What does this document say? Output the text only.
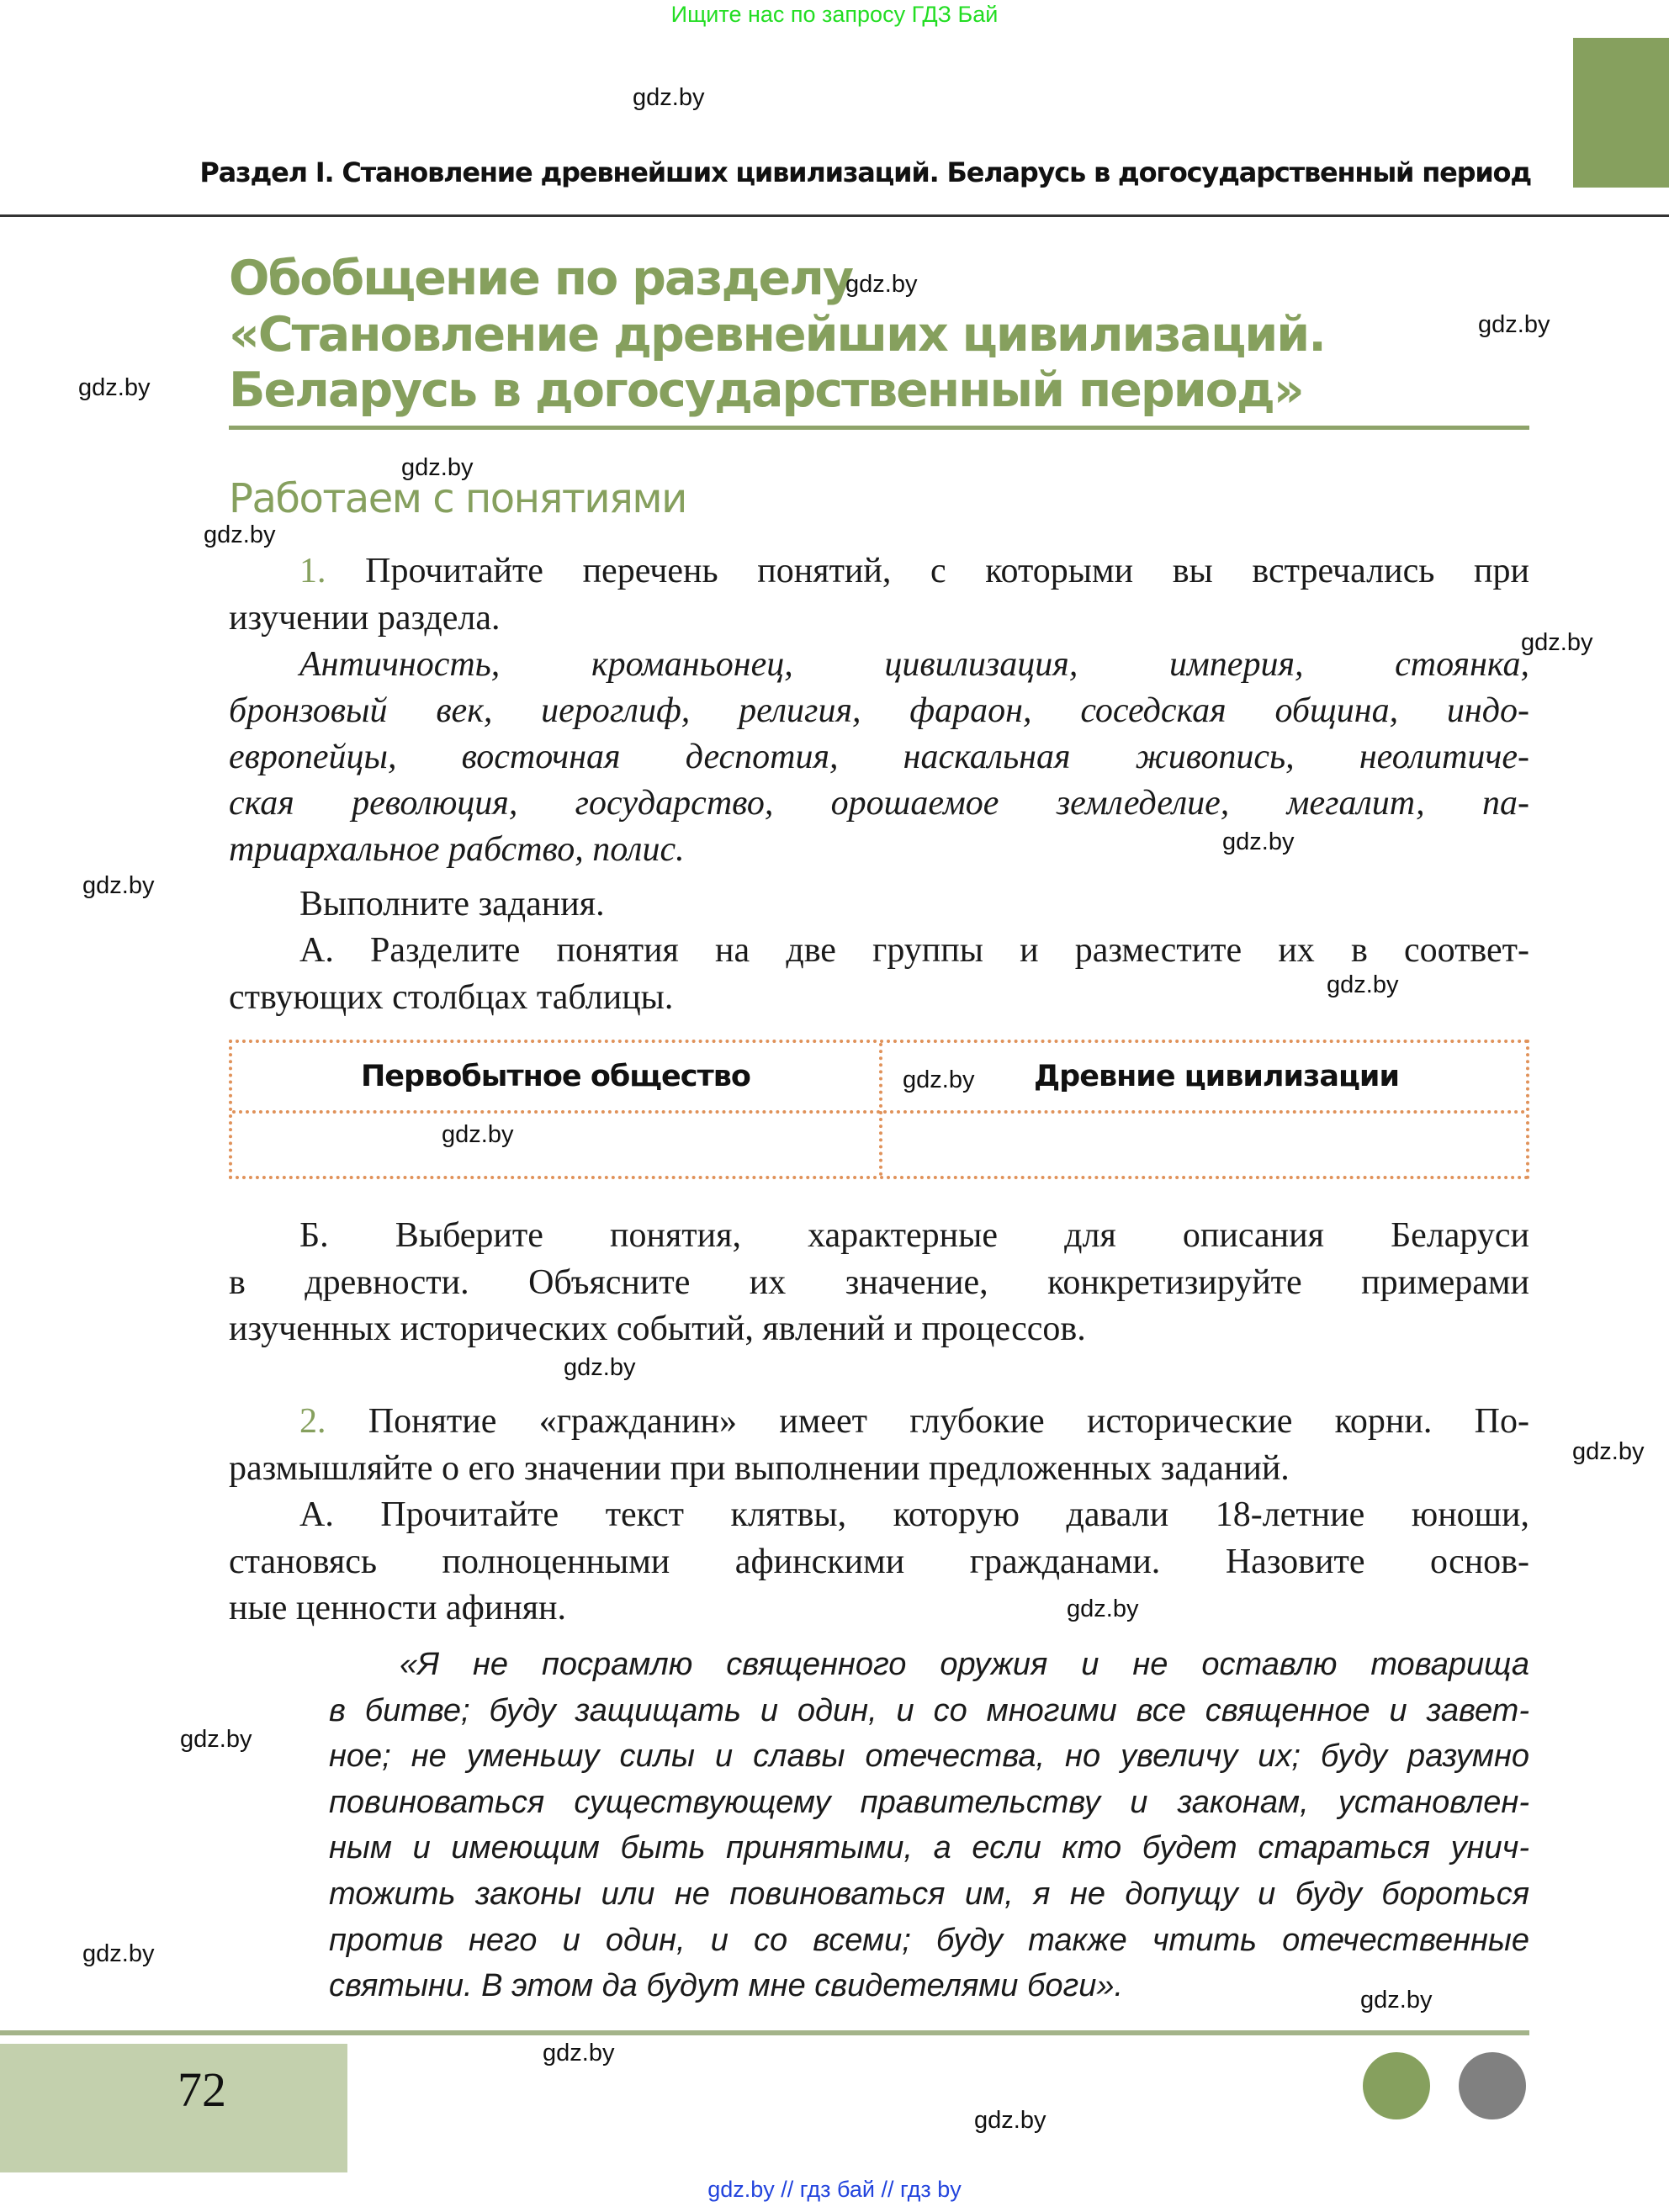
Ищите нас по запросу ГДЗ Бай
Раздел I. Становление древнейших цивилизаций. Беларусь в догосударственный период
Обобщение по разделу
«Становление древнейших цивилизаций.
Беларусь в догосударственный период»
Работаем с понятиями
1. Прочитайте перечень понятий, с которыми вы встречались при
изучении раздела.
Античность, кроманьонец, цивилизация, империя, стоянка,
бронзовый век, иероглиф, религия, фараон, соседская община, индо-
европейцы, восточная деспотия, наскальная живопись, неолитиче-
ская революция, государство, орошаемое земледелие, мегалит, па-
триархальное рабство, полис.
Выполните задания.
А. Разделите понятия на две группы и разместите их в соответ-
ствующих столбцах таблицы.
Б. Выберите понятия, характерные для описания Беларуси
в древности. Объясните их значение, конкретизируйте примерами
изученных исторических событий, явлений и процессов.
2. Понятие «гражданин» имеет глубокие исторические корни. По-
размышляйте о его значении при выполнении предложенных заданий.
А. Прочитайте текст клятвы, которую давали 18-летние юноши,
становясь полноценными афинскими гражданами. Назовите основ-
ные ценности афинян.
«Я не посрамлю священного оружия и не оставлю товарища
в битве; буду защищать и один, и со многими все священное и завет-
ное; не уменьшу силы и славы отечества, но увеличу их; буду разумно
повиноваться существующему правительству и законам, установлен-
ным и имеющим быть принятыми, а если кто будет стараться унич-
тожить законы или не повиноваться им, я не допущу и буду бороться
против него и один, и со всеми; буду также чтить отечественные
святыни. В этом да будут мне свидетелями боги».
Первобытное общество	Древние цивилизации
72
gdz.by // гдз бай // гдз by
gdz.by
gdz.by
gdz.by
gdz.by
gdz.by
gdz.by
gdz.by
gdz.by
gdz.by
gdz.by
gdz.by
gdz.by
gdz.by
gdz.by
gdz.by
gdz.by
gdz.by
gdz.by
gdz.by
gdz.by
